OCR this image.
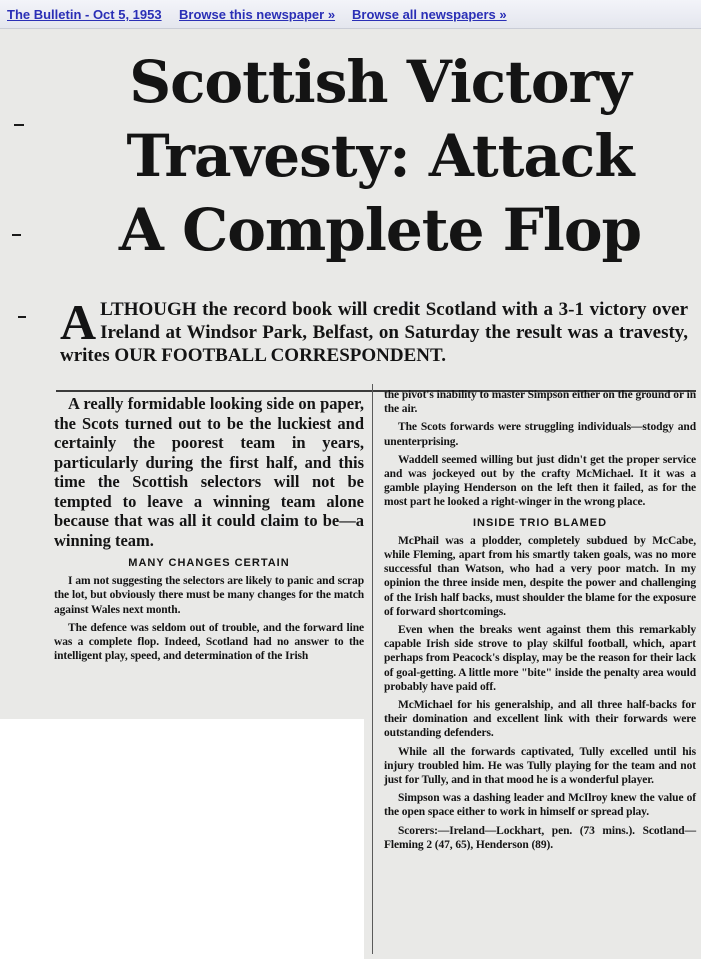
The Bulletin - Oct 5, 1953 Browse this newspaper » Browse all newspapers »
Scottish Victory
Travesty: Attack
A Complete Flop

ALTHOUGH the record book will credit Scotland with a 3-1 victory over Ireland at Windsor Park, Belfast, on Saturday the result was a travesty, writes OUR FOOTBALL CORRESPONDENT.

A really formidable looking side on paper, the Scots turned out to be the luckiest and certainly the poorest team in years, particularly during the first half, and this time the Scottish selectors will not be tempted to leave a winning team alone because that was all it could claim to be—a winning team.

MANY CHANGES CERTAIN

I am not suggesting the selectors are likely to panic and scrap the lot, but obviously there must be many changes for the match against Wales next month.

The defence was seldom out of trouble, and the forward line was a complete flop. Indeed, Scotland had no answer to the intelligent play, speed, and determination of the Irish

the pivot's inability to master Simpson either on the ground or in the air.

The Scots forwards were struggling individuals—stodgy and unenterprising.

Waddell seemed willing but just didn't get the proper service and was jockeyed out by the crafty McMichael. It it was a gamble playing Henderson on the left then it failed, as for the most part he looked a right-winger in the wrong place.

INSIDE TRIO BLAMED

McPhail was a plodder, completely subdued by McCabe, while Fleming, apart from his smartly taken goals, was no more successful than Watson, who had a very poor match. In my opinion the three inside men, despite the power and challenging of the Irish half backs, must shoulder the blame for the exposure of forward shortcomings.

Even when the breaks went against them this remarkably capable Irish side strove to play skilful football, which, apart perhaps from Peacock's display, may be the reason for their lack of goal-getting. A little more "bite" inside the penalty area would probably have paid off.

McMichael for his generalship, and all three half-backs for their domination and excellent link with their forwards were outstanding defenders.

While all the forwards captivated, Tully excelled until his injury troubled him. He was Tully playing for the team and not just for Tully, and in that mood he is a wonderful player.

Simpson was a dashing leader and McIlroy knew the value of the open space either to work in himself or spread play.

Scorers:—Ireland—Lockhart, pen. (73 mins.). Scotland—Fleming 2 (47, 65), Henderson (89).
